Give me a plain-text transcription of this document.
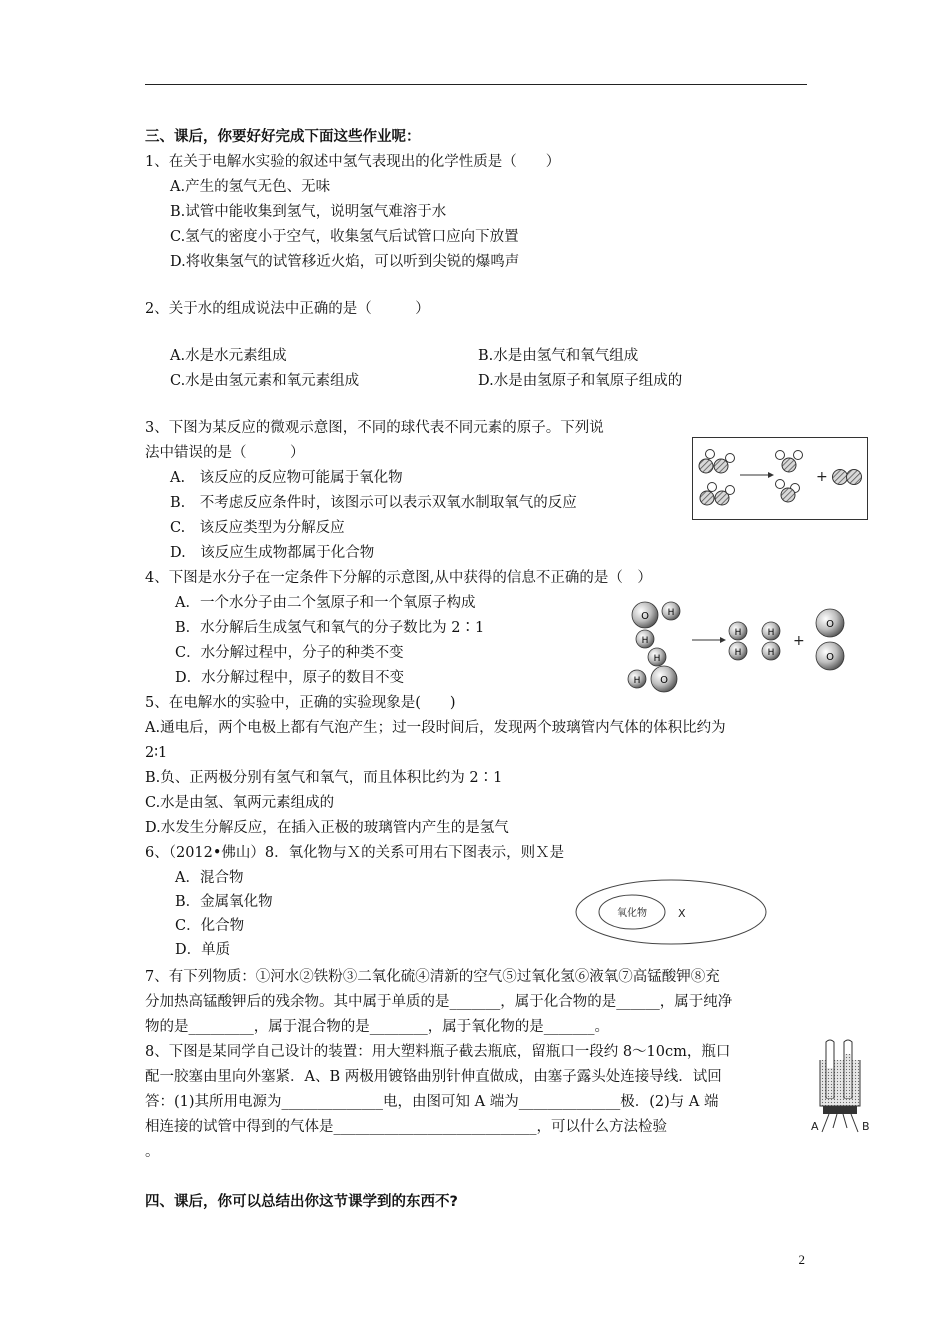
三、课后，你要好好完成下面这些作业呢：
1、在关于电解水实验的叙述中氢气表现出的化学性质是（　　）
A.产生的氢气无色、无味
B.试管中能收集到氢气，说明氢气难溶于水
C.氢气的密度小于空气，收集氢气后试管口应向下放置
D.将收集氢气的试管移近火焰，可以听到尖锐的爆鸣声
2、关于水的组成说法中正确的是（　　　）
A.水是水元素组成	B.水是由氢气和氧气组成
C.水是由氢元素和氧元素组成	D.水是由氢原子和氧原子组成的
3、下图为某反应的微观示意图，不同的球代表不同元素的原子。下列说
法中错误的是（　　　）
A.　该反应的反应物可能属于氧化物
B.　不考虑反应条件时，该图示可以表示双氧水制取氧气的反应
C.　该反应类型为分解反应
D.　该反应生成物都属于化合物
+
4、下图是水分子在一定条件下分解的示意图,从中获得的信息不正确的是（　）
A．一个水分子由二个氢原子和一个氧原子构成
B．水分解后生成氢气和氧气的分子数比为 2∶1
C．水分解过程中，分子的种类不变
D．水分解过程中，原子的数目不变
O H
H
H
H O
H
H
H
H
+
O
O
5、在电解水的实验中，正确的实验现象是(　　)
A.通电后，两个电极上都有气泡产生；过一段时间后，发现两个玻璃管内气体的体积比约为
2∶1
B.负、正两极分别有氢气和氧气，而且体积比约为 2∶1
C.水是由氢、氧两元素组成的
D.水发生分解反应，在插入正极的玻璃管内产生的是氢气
6、（2012•佛山）8．氧化物与Ｘ的关系可用右下图表示，则Ｘ是
A．混合物
B．金属氧化物
C．化合物
D．单质
氧化物	X
7、有下列物质：①河水②铁粉③二氧化硫④清新的空气⑤过氧化氢⑥液氧⑦高锰酸钾⑧充
分加热高锰酸钾后的残余物。其中属于单质的是_______，属于化合物的是______，属于纯净
物的是_________，属于混合物的是________，属于氧化物的是_______。
8、下图是某同学自己设计的装置：用大塑料瓶子截去瓶底，留瓶口一段约 8～10cm，瓶口
配一胶塞由里向外塞紧．A、B 两极用镀铬曲别针伸直做成，由塞子露头处连接导线．试回
答：(1)其所用电源为______________电，由图可知 A 端为______________极．(2)与 A 端
相连接的试管中得到的气体是____________________________，可以什么方法检验
。
A	B
四、课后，你可以总结出你这节课学到的东西不?
2
